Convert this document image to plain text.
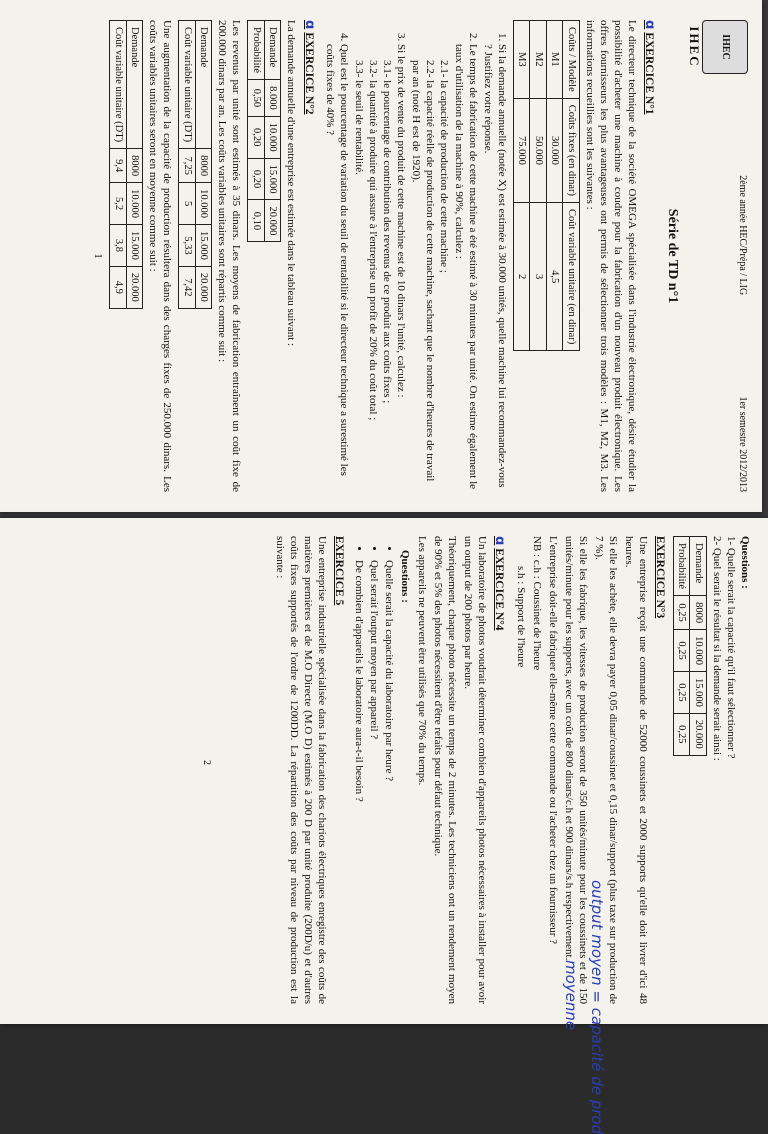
IHEC
IHEC
2ème année HEC/Prépa / LIG
1er semestre 2012/2013
Série de TD n°1
ɑEXERCICE N°1

Le directeur technique de la société OMEGA spécialisée dans l'industrie électronique, désire étudier la possibilité d'acheter une machine à coudre pour la fabrication d'un nouveau produit électronique. Les offres fournisseurs les plus avantageuses ont permis de sélectionner trois modèles : M1, M2, M3. Les informations recueillies sont les suivantes :

Coûts / Modèle	Coûts fixes (en dinar)	Coût variable unitaire (en dinar)
M1	30.000	4,5
M2	50.000	3
M3	75.000	2
1. Si la demande annuelle (notée X) est estimée à 30.000 unités, quelle machine lui recommandez-vous ? Justifiez votre réponse.
2. Le temps de fabrication de cette machine a été estimé à 30 minutes par unité. On estime également le taux d'utilisation de la machine à 90%, calculez :
2.1- la capacité de production de cette machine ;
2.2- la capacité réelle de production de cette machine, sachant que le nombre d'heures de travail par an (noté H est de 1920).
3. Si le prix de vente du produit de cette machine est de 10 dinars l'unité, calculez :
3.1- le pourcentage de contribution des revenus de ce produit aux coûts fixes ;
3.2- la quantité à produire qui assure à l'entreprise un profit de 20% du coût total ;
3.3- le seuil de rentabilité.
4. Quel est le pourcentage de variation du seuil de rentabilité si le directeur technique a surestimé les coûts fixes de 40% ?
ɑEXERCICE N°2

La demande annuelle d'une entreprise est estimée dans le tableau suivant :

Demande	8.000	10.000	15.000	20.000
Probabilité	0,50	0,20	0,20	0,10

Les revenus par unité sont estimés à 35 dinars. Les moyens de fabrication entraînent un coût fixe de 200.000 dinars par an. Les coûts variables unitaires sont répartis comme suit :

Demande	8000	10.000	15.000	20.000
Coût variable unitaire (DT)	7,25	5	5,33	7,42

Une augmentation de la capacité de production résultera dans des charges fixes de 250.000 dinars. Les coûts variables unitaires seront en moyenne comme suit :

Demande	8000	10.000	15.000	20.000
Coût variable unitaire (DT)	9,4	5,2	3,8	4,9
1
Questions :
1- Quelle serait la capacité qu'il faut sélectionner ?
2- Quel serait le résultat si la demande serait ainsi :
Demande	8000	10.000	15.000	20.000
Probabilité	0,25	0,25	0,25	0,25
EXERCICE N°3

Une entreprise reçoit une commande de 52000 coussinets et 2000 supports qu'elle doit livrer d'ici 48 heures.

Si elle les achète, elle devra payer 0,05 dinar/coussinet et 0,15 dinar/support (plus taxe sur production de 7 %).

Si elle les fabrique, les vitesses de production seront de 350 unités/minute pour les coussinets et de 150 unités/minute pour les supports, avec un coût de 800 dinars/c.h et 900 dinars/s.h respectivement.

L'entreprise doit-elle fabriquer elle-même cette commande ou l'acheter chez un fournisseur ?

NB : c.h : Coussinet de l'heure

s.h : Support de l'heure

ɑEXERCICE N°4

Un laboratoire de photos voudrait déterminer combien d'appareils photos nécessaires à installer pour avoir un output de 200 photos par heure.

Théoriquement, chaque photo nécessite un temps de 2 minutes. Les techniciens ont un rendement moyen de 90% et 5% des photos nécessitent d'être refaits pour défaut technique.

Les appareils ne peuvent être utilisés que 70% du temps.

Questions :
• Quelle serait la capacité du laboratoire par heure ?
• Quel serait l'output moyen par appareil ?
• De combien d'appareils le laboratoire aura-t-il besoin ?
EXERCICE 5

Une entreprise industrielle spécialisée dans la fabrication des chariots électriques enregistre des coûts de matières premières et de M.O Directe (M.O D) estimés à 200 D par unité produite (200D/u) et d'autres coûts fixes supportés de l'ordre de 1200DD. La répartition des coûts par niveau de production est la suivante :

output moyen = capacité de prod
moyenne
2
